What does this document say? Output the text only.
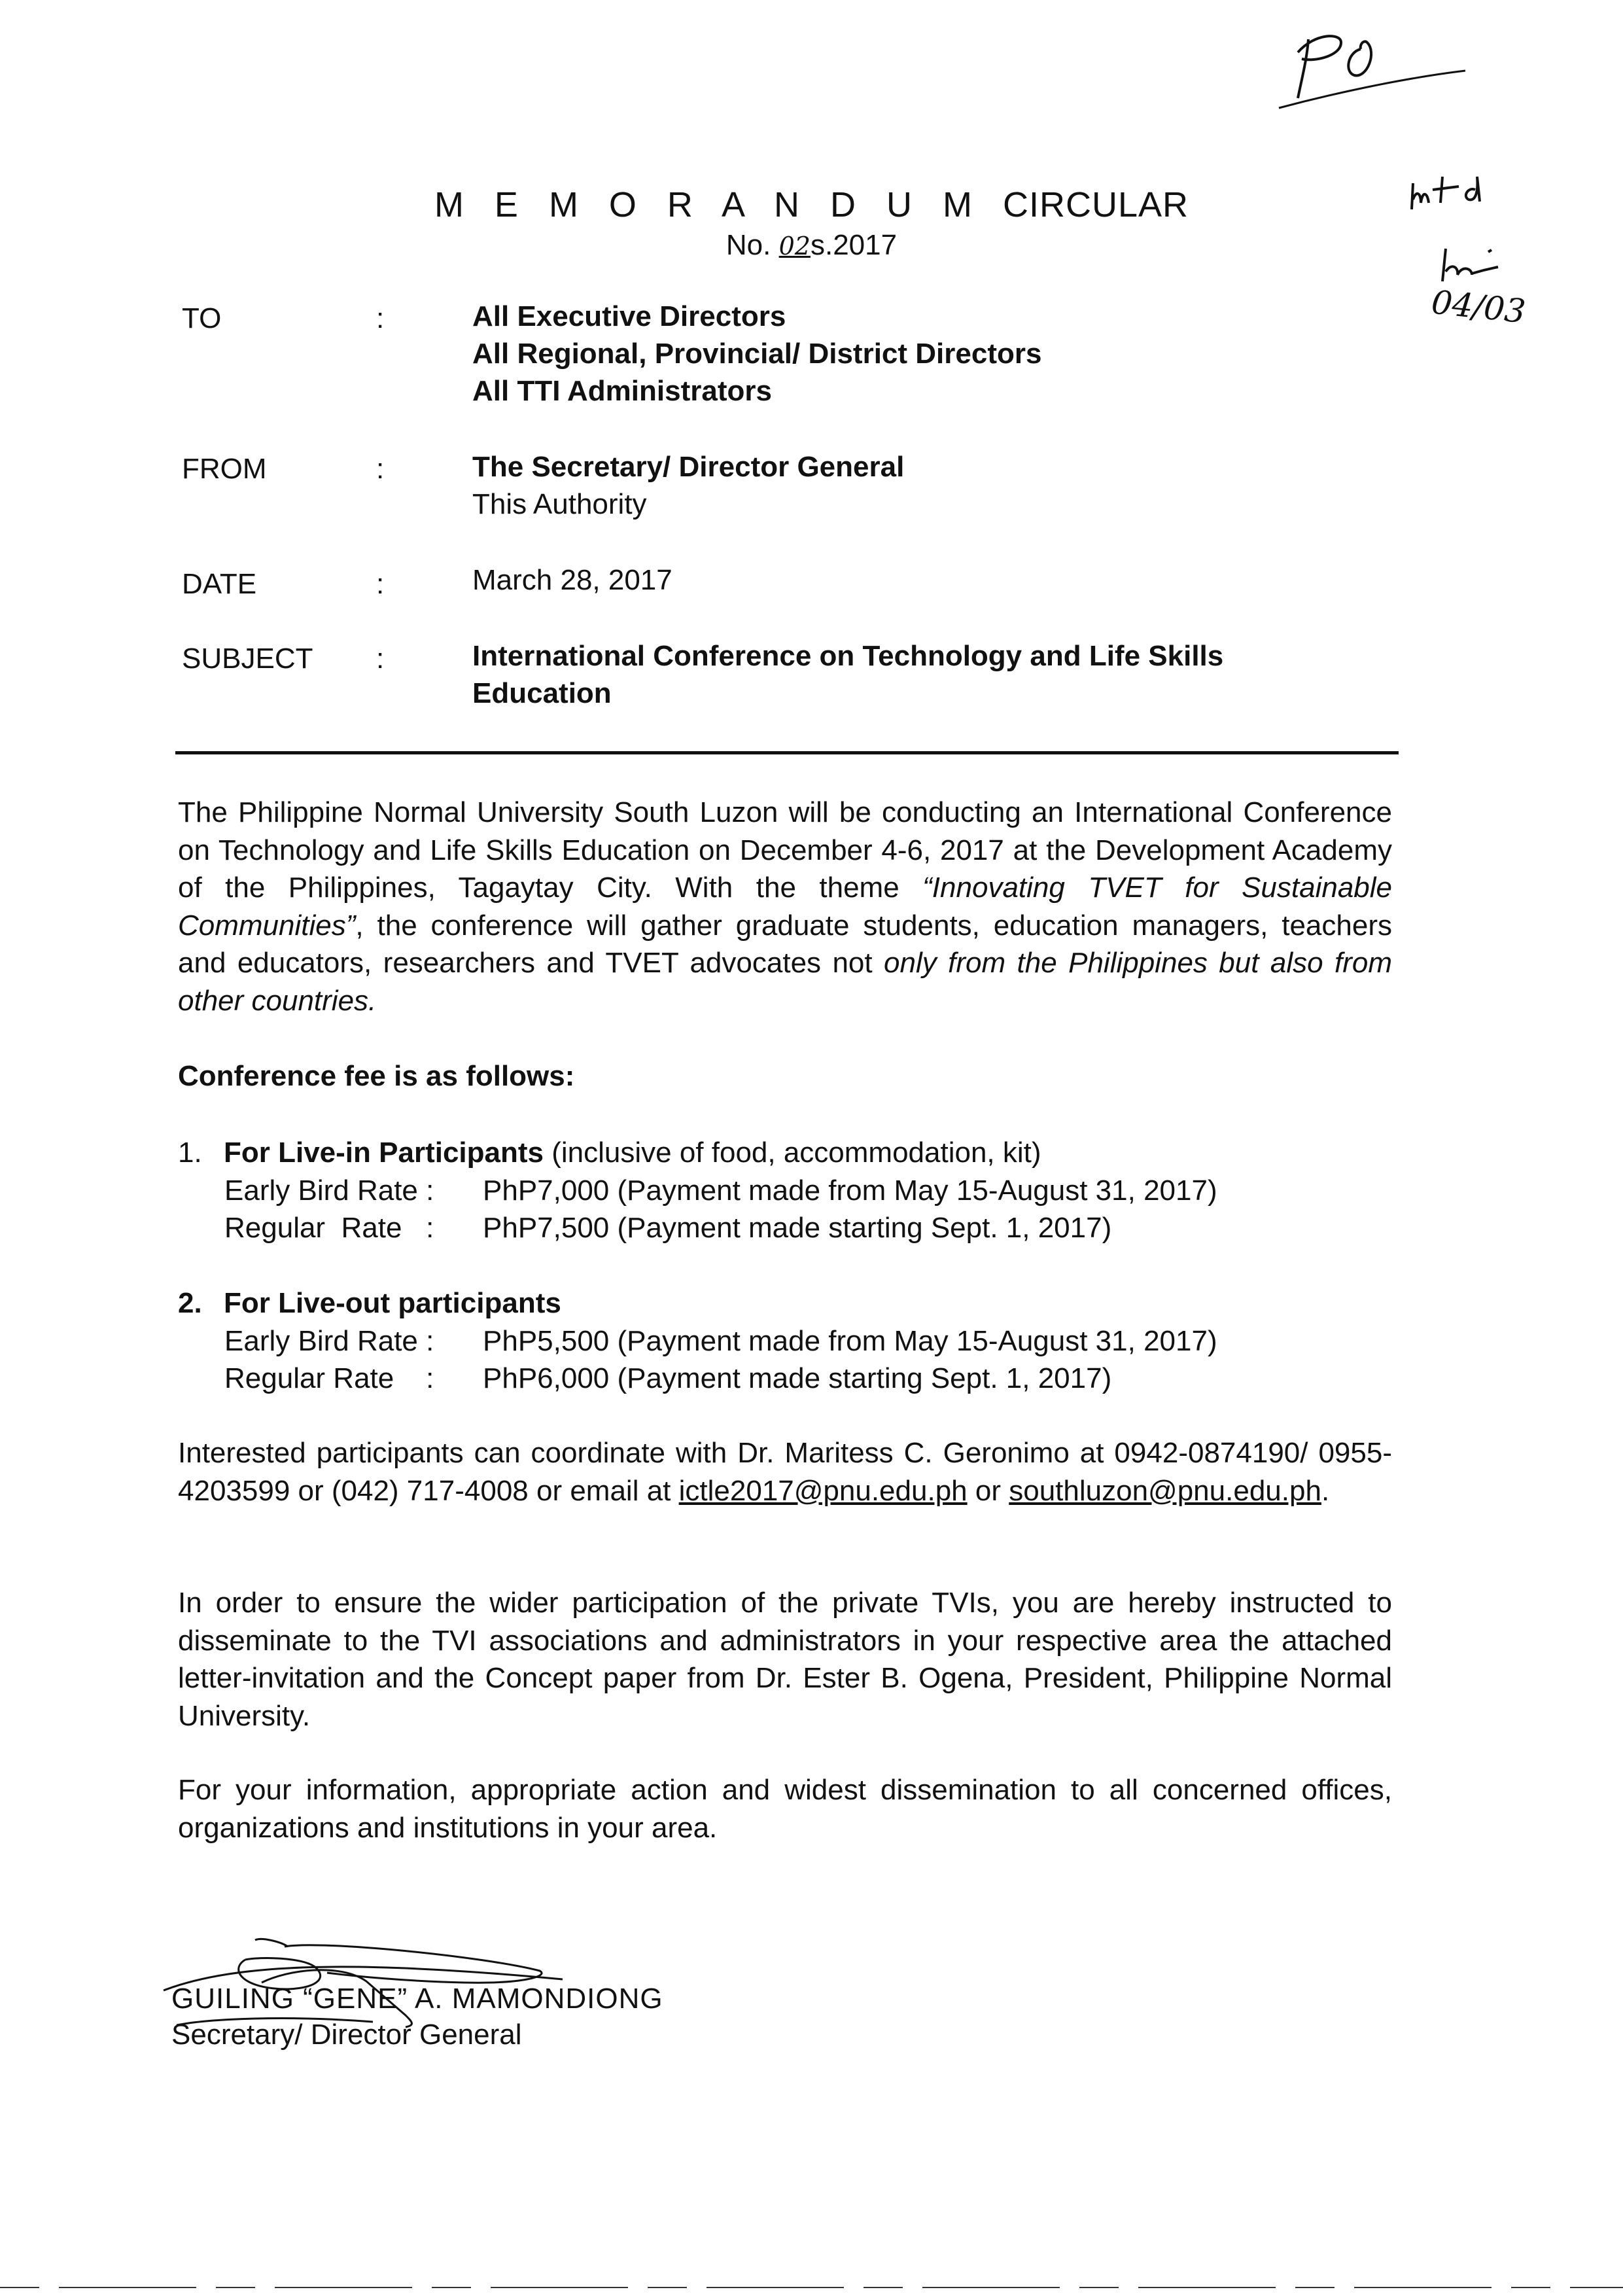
04/03
M E M O R A N D U M CIRCULAR
No. 02s.2017
TO	:	All Executive Directors
All Regional, Provincial/ District Directors
All TTI Administrators
FROM	:	The Secretary/ Director General
This Authority
DATE	:	March 28, 2017
SUBJECT :	International Conference on Technology and Life Skills
Education
The Philippine Normal University South Luzon will be conducting an International Conference on Technology and Life Skills Education on December 4-6, 2017 at the Development Academy of the Philippines, Tagaytay City. With the theme “Innovating TVET for Sustainable Communities”, the conference will gather graduate students, education managers, teachers and educators, researchers and TVET advocates not only from the Philippines but also from other countries.
Conference fee is as follows:
1. For Live-in Participants (inclusive of food, accommodation, kit)
Early Bird Rate : PhP7,000 (Payment made from May 15-August 31, 2017)
Regular  Rate   : PhP7,500 (Payment made starting Sept. 1, 2017)
2. For Live-out participants
Early Bird Rate : PhP5,500 (Payment made from May 15-August 31, 2017)
Regular Rate    : PhP6,000 (Payment made starting Sept. 1, 2017)
Interested participants can coordinate with Dr. Maritess C. Geronimo at 0942-0874190/ 0955-4203599 or (042) 717-4008 or email at ictle2017@pnu.edu.ph or southluzon@pnu.edu.ph.
In order to ensure the wider participation of the private TVIs, you are hereby instructed to disseminate to the TVI associations and administrators in your respective area the attached letter-invitation and the Concept paper from Dr. Ester B. Ogena, President, Philippine Normal University.
For your information, appropriate action and widest dissemination to all concerned offices, organizations and institutions in your area.
GUILING “GENE” A. MAMONDIONG
Secretary/ Director General
